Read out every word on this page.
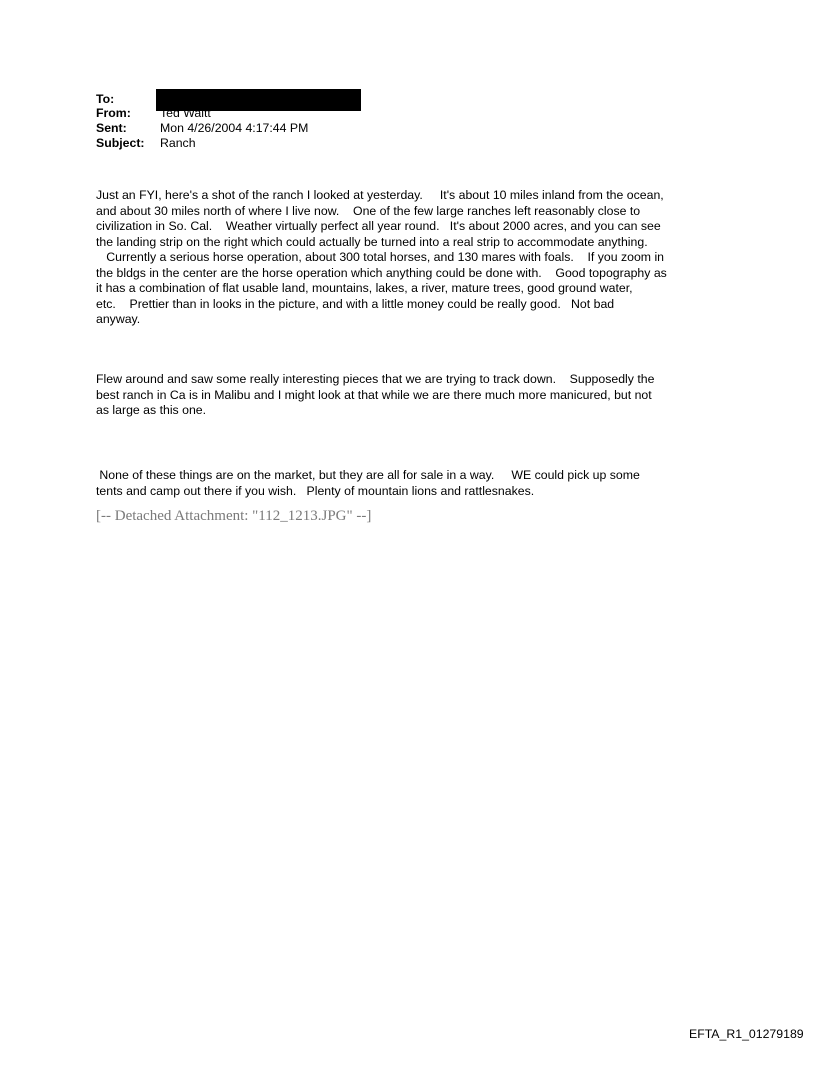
To:
From: Ted Waitt
Sent:	Mon 4/26/2004 4:17:44 PM
Subject: Ranch
Just an FYI, here's a shot of the ranch I looked at yesterday.     It's about 10 miles inland from the ocean,
and about 30 miles north of where I live now.    One of the few large ranches left reasonably close to
civilization in So. Cal.    Weather virtually perfect all year round.   It's about 2000 acres, and you can see
the landing strip on the right which could actually be turned into a real strip to accommodate anything.
Currently a serious horse operation, about 300 total horses, and 130 mares with foals.    If you zoom in
the bldgs in the center are the horse operation which anything could be done with.    Good topography as
it has a combination of flat usable land, mountains, lakes, a river, mature trees, good ground water,
etc.    Prettier than in looks in the picture, and with a little money could be really good.   Not bad
anyway.
Flew around and saw some really interesting pieces that we are trying to track down.    Supposedly the
best ranch in Ca is in Malibu and I might look at that while we are there much more manicured, but not
as large as this one.
None of these things are on the market, but they are all for sale in a way.     WE could pick up some
tents and camp out there if you wish.   Plenty of mountain lions and rattlesnakes.
[-- Detached Attachment: "112_1213.JPG" --]
EFTA_R1_01279189
